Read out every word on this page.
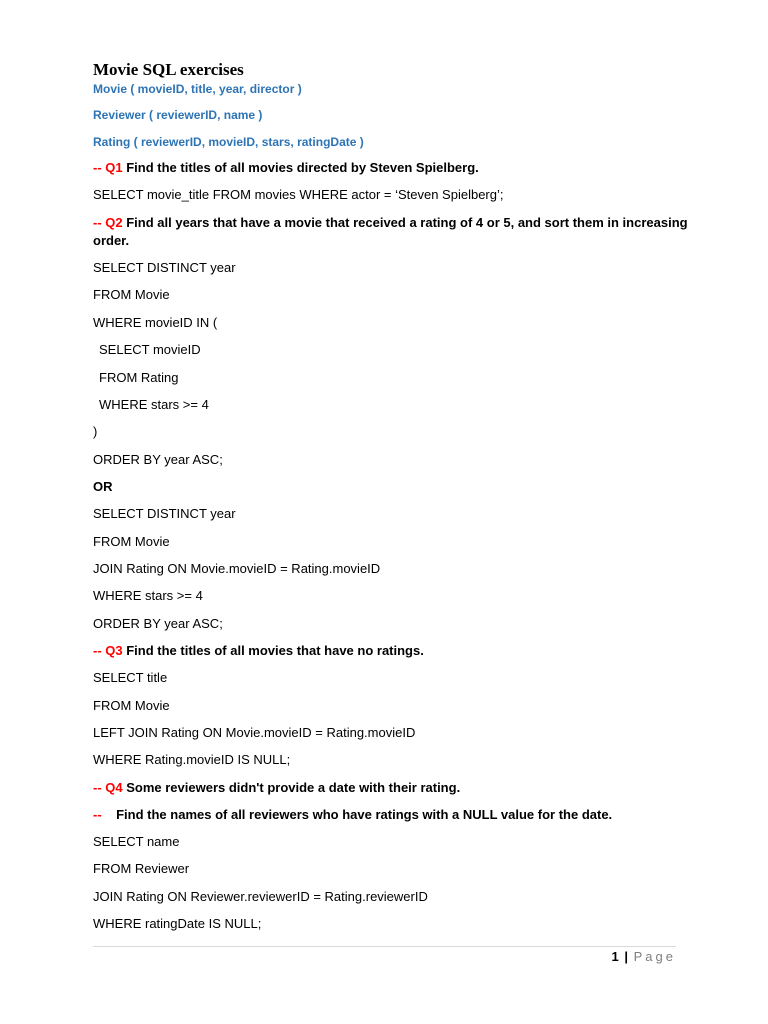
Movie SQL exercises
Movie ( movieID, title, year, director )
Reviewer ( reviewerID, name )
Rating ( reviewerID, movieID, stars, ratingDate )
-- Q1 Find the titles of all movies directed by Steven Spielberg.
SELECT movie_title FROM movies WHERE actor = ‘Steven Spielberg’;
-- Q2 Find all years that have a movie that received a rating of 4 or 5, and sort them in increasing
order.
SELECT DISTINCT year
FROM Movie
WHERE movieID IN (
SELECT movieID
FROM Rating
WHERE stars >= 4
)
ORDER BY year ASC;
OR
SELECT DISTINCT year
FROM Movie
JOIN Rating ON Movie.movieID = Rating.movieID
WHERE stars >= 4
ORDER BY year ASC;
-- Q3 Find the titles of all movies that have no ratings.
SELECT title
FROM Movie
LEFT JOIN Rating ON Movie.movieID = Rating.movieID
WHERE Rating.movieID IS NULL;
-- Q4 Some reviewers didn't provide a date with their rating.
--    Find the names of all reviewers who have ratings with a NULL value for the date.
SELECT name
FROM Reviewer
JOIN Rating ON Reviewer.reviewerID = Rating.reviewerID
WHERE ratingDate IS NULL;
1 | Page
